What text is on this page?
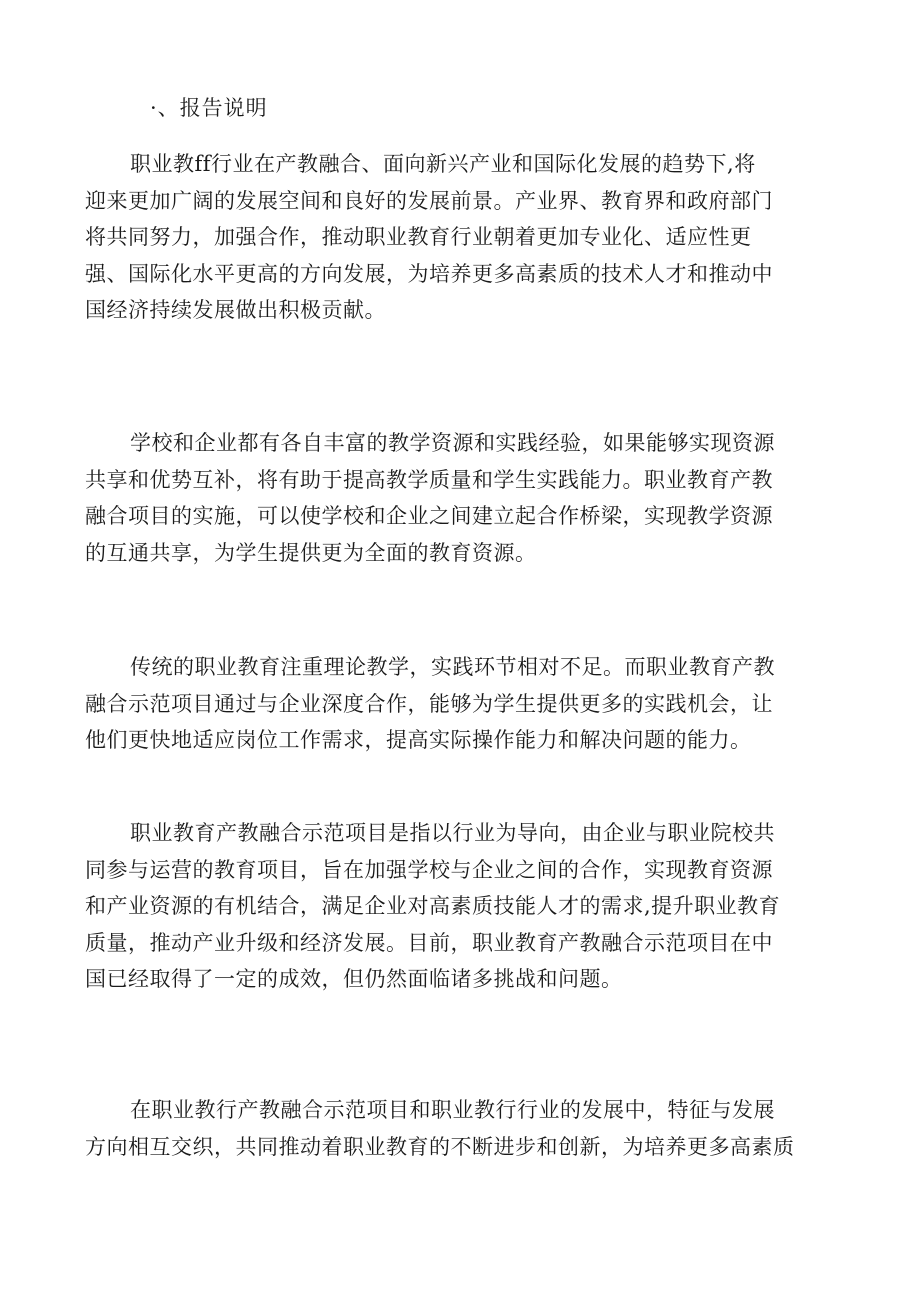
·、报告说明
职业教ff行业在产教融合、面向新兴产业和国际化发展的趋势下,将
迎来更加广阔的发展空间和良好的发展前景。产业界、教育界和政府部门
将共同努力，加强合作，推动职业教育行业朝着更加专业化、适应性更
强、国际化水平更高的方向发展，为培养更多高素质的技术人才和推动中
国经济持续发展做出积极贡献。
学校和企业都有各自丰富的教学资源和实践经验，如果能够实现资源
共享和优势互补，将有助于提高教学质量和学生实践能力。职业教育产教
融合项目的实施，可以使学校和企业之间建立起合作桥梁，实现教学资源
的互通共享，为学生提供更为全面的教育资源。
传统的职业教育注重理论教学，实践环节相对不足。而职业教育产教
融合示范项目通过与企业深度合作，能够为学生提供更多的实践机会，让
他们更快地适应岗位工作需求，提高实际操作能力和解决问题的能力。
职业教育产教融合示范项目是指以行业为导向，由企业与职业院校共
同参与运营的教育项目，旨在加强学校与企业之间的合作，实现教育资源
和产业资源的有机结合，满足企业对高素质技能人才的需求,提升职业教育
质量，推动产业升级和经济发展。目前，职业教育产教融合示范项目在中
国已经取得了一定的成效，但仍然面临诸多挑战和问题。
在职业教行产教融合示范项目和职业教行行业的发展中，特征与发展
方向相互交织，共同推动着职业教育的不断进步和创新，为培养更多高素质
